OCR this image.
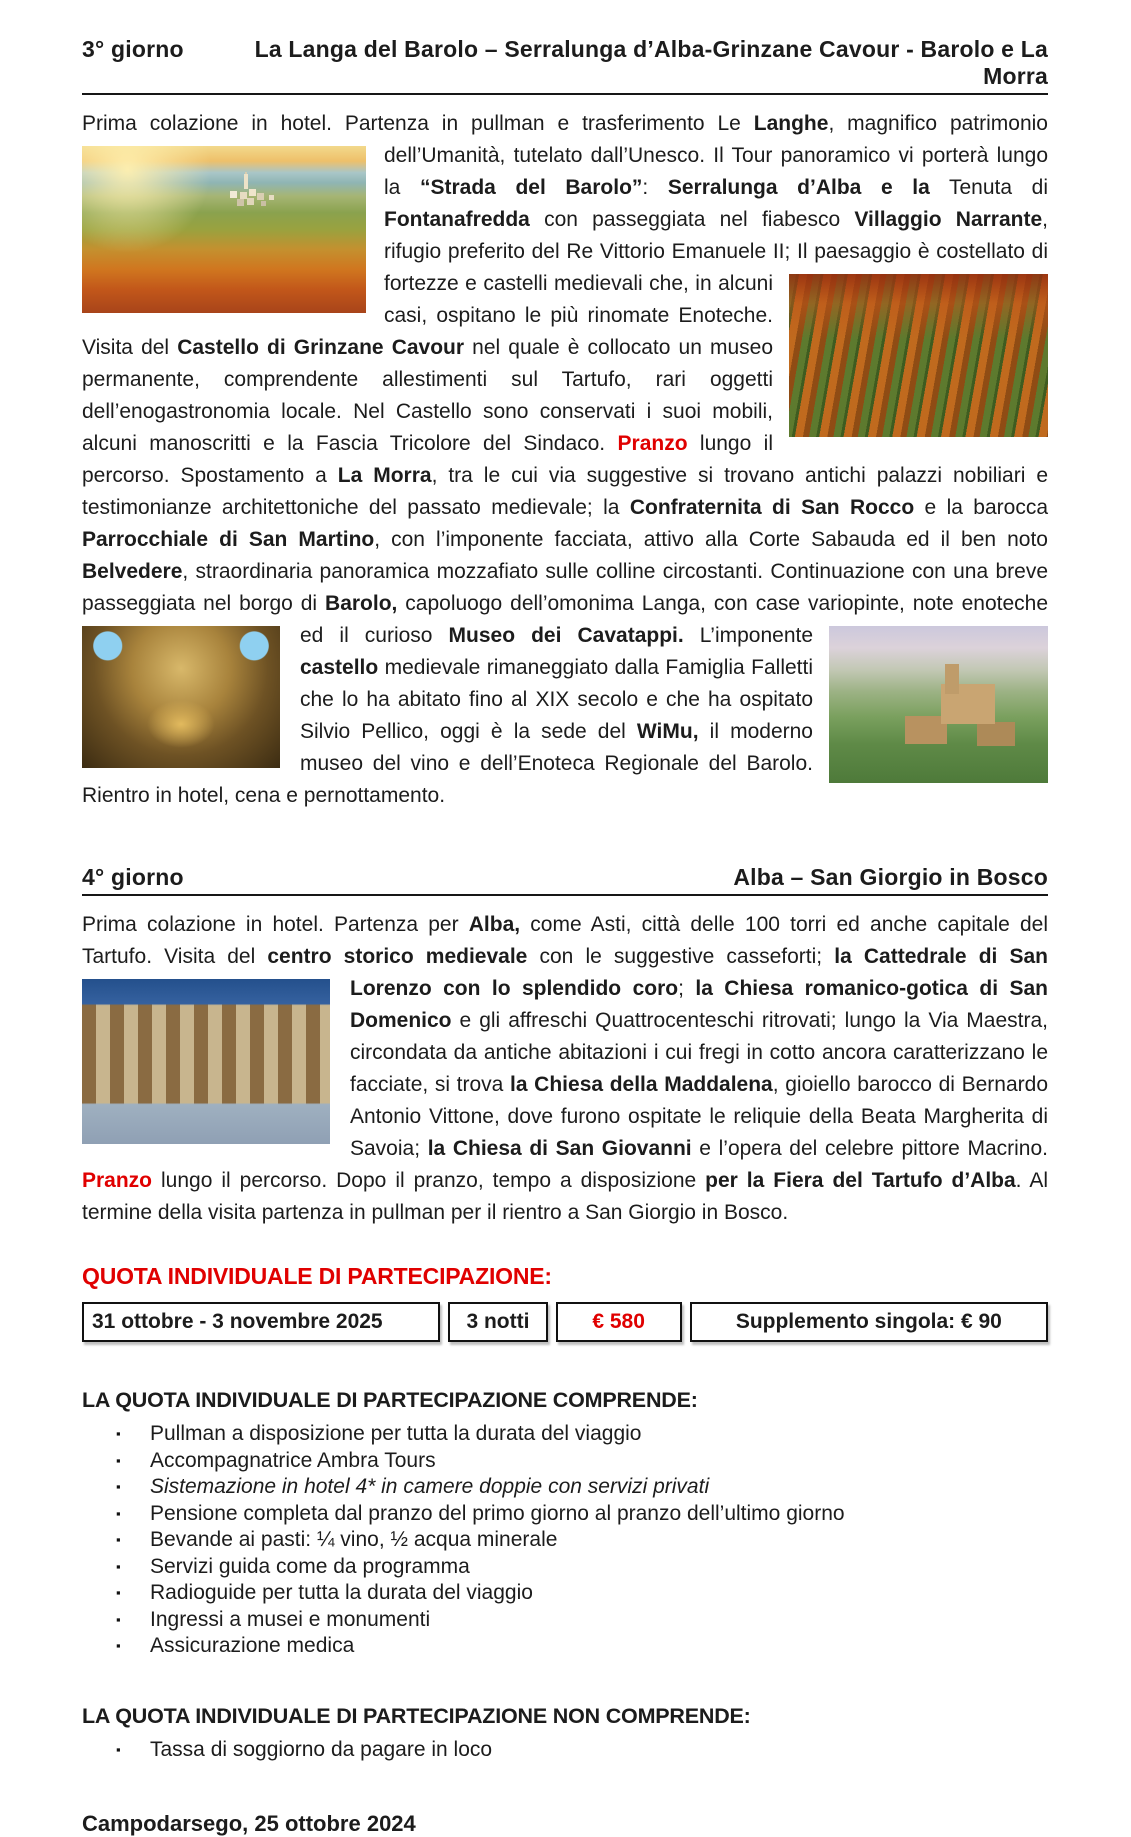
3° giorno	La Langa del Barolo – Serralunga d’Alba-Grinzane Cavour - Barolo e La Morra

Prima colazione in hotel. Partenza in pullman e trasferimento Le Langhe, magnifico patrimonio
dell’Umanità, tutelato dall’Unesco. Il Tour panoramico vi porterà lungo la “Strada del Barolo”: Serralunga d’Alba e la Tenuta di Fontanafredda con passeggiata nel fiabesco Villaggio Narrante, rifugio preferito del Re Vittorio Emanuele II; Il paesaggio è
costellato di fortezze e castelli medievali che, in alcuni casi, ospitano le più rinomate Enoteche. Visita del Castello di Grinzane Cavour nel quale è collocato un museo permanente, comprendente allestimenti sul Tartufo, rari oggetti dell’enogastronomia locale. Nel Castello sono conservati i suoi mobili, alcuni manoscritti e la Fascia Tricolore del Sindaco. Pranzo lungo il percorso. Spostamento a La Morra, tra le cui via suggestive si trovano antichi palazzi nobiliari e testimonianze architettoniche del passato medievale; la Confraternita di San Rocco e la barocca Parrocchiale di San Martino, con l’imponente facciata, attivo alla Corte Sabauda ed il ben noto Belvedere, straordinaria panoramica mozzafiato sulle colline circostanti. Continuazione con una breve passeggiata nel borgo di Barolo, capoluogo dell’omonima Langa, con case variopinte, note enoteche
ed il curioso Museo dei Cavatappi. L’imponente castello medievale rimaneggiato dalla Famiglia Falletti che lo ha abitato fino al XIX secolo e che ha ospitato Silvio Pellico, oggi è la sede del WiMu, il moderno museo del vino e dell’Enoteca Regionale del Barolo. Rientro in hotel, cena e pernottamento.

4° giorno	Alba – San Giorgio in Bosco

Prima colazione in hotel. Partenza per Alba, come Asti, città delle 100 torri ed anche capitale del Tartufo. Visita del centro storico medievale con le suggestive casseforti; la Cattedrale di San
Lorenzo con lo splendido coro; la Chiesa romanico-gotica di San Domenico e gli affreschi Quattrocenteschi ritrovati; lungo la Via Maestra, circondata da antiche abitazioni i cui fregi in cotto ancora caratterizzano le facciate, si trova la Chiesa della Maddalena, gioiello barocco di Bernardo Antonio Vittone, dove furono ospitate le reliquie della Beata Margherita di Savoia; la Chiesa di San Giovanni e l’opera del celebre pittore Macrino. Pranzo lungo il percorso. Dopo il pranzo, tempo a disposizione per la Fiera del Tartufo d’Alba. Al termine della visita partenza in pullman per il rientro a San Giorgio in Bosco.

QUOTA INDIVIDUALE DI PARTECIPAZIONE:
31 ottobre - 3 novembre 2025	3 notti	€ 580	Supplemento singola: € 90
LA QUOTA INDIVIDUALE DI PARTECIPAZIONE COMPRENDE:
▪ Pullman a disposizione per tutta la durata del viaggio
▪ Accompagnatrice Ambra Tours
▪ Sistemazione in hotel 4* in camere doppie con servizi privati
▪ Pensione completa dal pranzo del primo giorno al pranzo dell’ultimo giorno
▪ Bevande ai pasti: ¼ vino, ½ acqua minerale
▪ Servizi guida come da programma
▪ Radioguide per tutta la durata del viaggio
▪ Ingressi a musei e monumenti
▪ Assicurazione medica
LA QUOTA INDIVIDUALE DI PARTECIPAZIONE NON COMPRENDE:
▪ Tassa di soggiorno da pagare in loco

Campodarsego, 25 ottobre 2024
